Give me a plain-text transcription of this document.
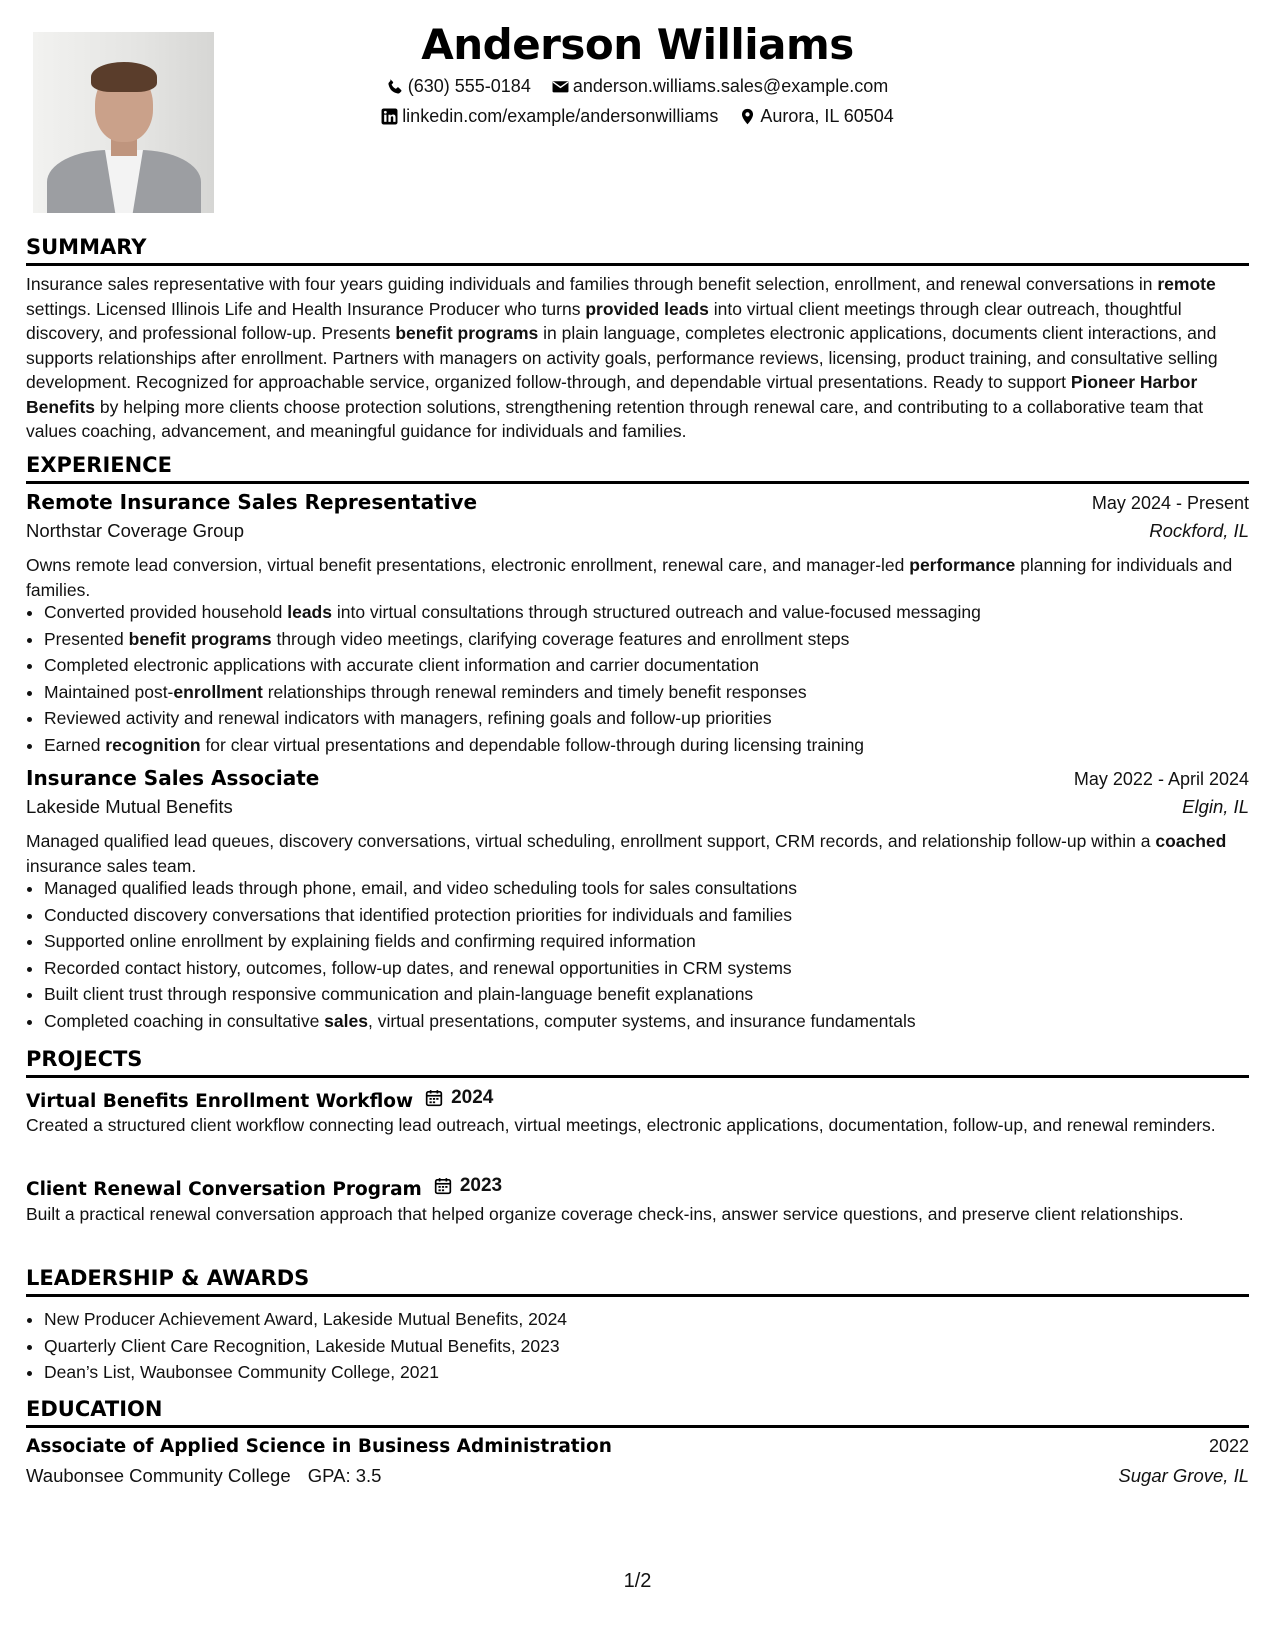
Anderson Williams
(630) 555-0184
anderson.williams.sales@example.com
linkedin.com/example/andersonwilliams
Aurora, IL 60504
SUMMARY
Insurance sales representative with four years guiding individuals and families through benefit selection, enrollment, and renewal conversations in remote settings. Licensed Illinois Life and Health Insurance Producer who turns provided leads into virtual client meetings through clear outreach, thoughtful discovery, and professional follow-up. Presents benefit programs in plain language, completes electronic applications, documents client interactions, and supports relationships after enrollment. Partners with managers on activity goals, performance reviews, licensing, product training, and consultative selling development. Recognized for approachable service, organized follow-through, and dependable virtual presentations. Ready to support Pioneer Harbor Benefits by helping more clients choose protection solutions, strengthening retention through renewal care, and contributing to a collaborative team that values coaching, advancement, and meaningful guidance for individuals and families.
EXPERIENCE
Remote Insurance Sales Representative	May 2024 - Present
Northstar Coverage Group	Rockford, IL
Owns remote lead conversion, virtual benefit presentations, electronic enrollment, renewal care, and manager-led performance planning for individuals and families.
• Converted provided household leads into virtual consultations through structured outreach and value-focused messaging
• Presented benefit programs through video meetings, clarifying coverage features and enrollment steps
• Completed electronic applications with accurate client information and carrier documentation
• Maintained post-enrollment relationships through renewal reminders and timely benefit responses
• Reviewed activity and renewal indicators with managers, refining goals and follow-up priorities
• Earned recognition for clear virtual presentations and dependable follow-through during licensing training
Insurance Sales Associate	May 2022 - April 2024
Lakeside Mutual Benefits	Elgin, IL
Managed qualified lead queues, discovery conversations, virtual scheduling, enrollment support, CRM records, and relationship follow-up within a coached insurance sales team.
• Managed qualified leads through phone, email, and video scheduling tools for sales consultations
• Conducted discovery conversations that identified protection priorities for individuals and families
• Supported online enrollment by explaining fields and confirming required information
• Recorded contact history, outcomes, follow-up dates, and renewal opportunities in CRM systems
• Built client trust through responsive communication and plain-language benefit explanations
• Completed coaching in consultative sales, virtual presentations, computer systems, and insurance fundamentals
PROJECTS
Virtual Benefits Enrollment Workflow 2024
Created a structured client workflow connecting lead outreach, virtual meetings, electronic applications, documentation, follow-up, and renewal reminders.
Client Renewal Conversation Program 2023
Built a practical renewal conversation approach that helped organize coverage check-ins, answer service questions, and preserve client relationships.
LEADERSHIP & AWARDS
• New Producer Achievement Award, Lakeside Mutual Benefits, 2024
• Quarterly Client Care Recognition, Lakeside Mutual Benefits, 2023
• Dean’s List, Waubonsee Community College, 2021
EDUCATION
Associate of Applied Science in Business Administration	2022
Waubonsee Community College GPA: 3.5	Sugar Grove, IL
1/2
